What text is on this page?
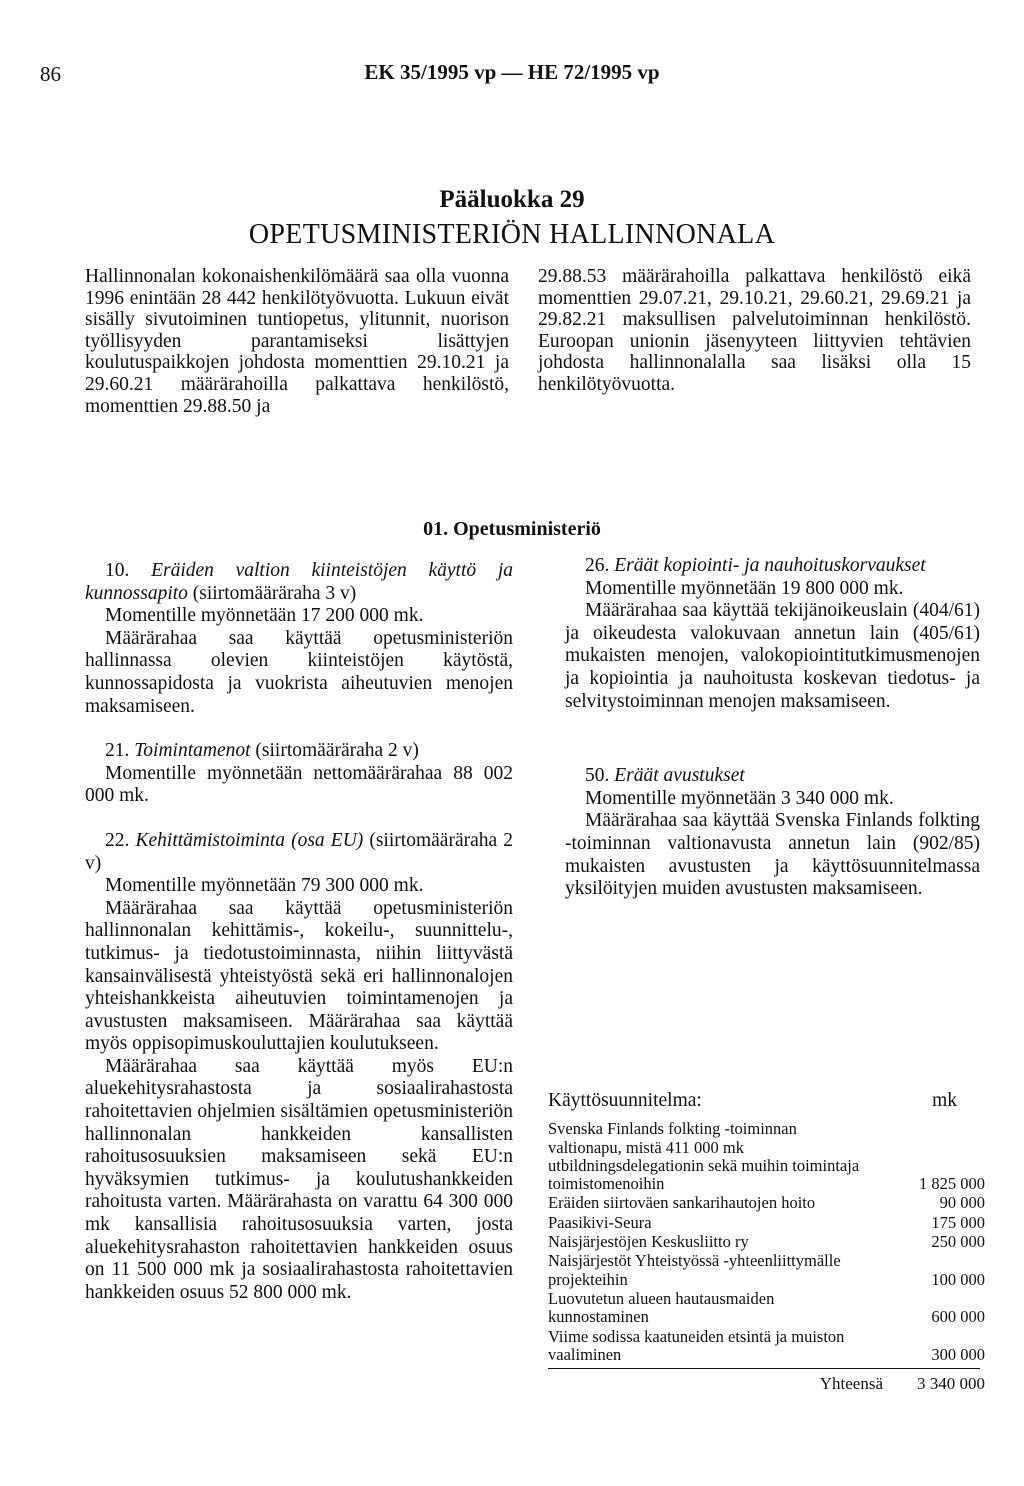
86	EK 35/1995 vp — HE 72/1995 vp
Pääluokka 29
OPETUSMINISTERIÖN HALLINNONALA

Hallinnonalan kokonaishenkilömäärä saa olla vuonna 1996 enintään 28 442 henkilötyövuotta. Lukuun eivät sisälly sivutoiminen tuntiopetus, ylitunnit, nuorison työllisyyden parantamiseksi lisättyjen koulutuspaikkojen johdosta momenttien 29.10.21 ja 29.60.21 määrärahoilla palkattava henkilöstö, momenttien 29.88.50 ja

29.88.53 määrärahoilla palkattava henkilöstö eikä momenttien 29.07.21, 29.10.21, 29.60.21, 29.69.21 ja 29.82.21 maksullisen palvelutoiminnan henkilöstö. Euroopan unionin jäsenyyteen liittyvien tehtävien johdosta hallinnonalalla saa lisäksi olla 15 henkilötyövuotta.

01. Opetusministeriö

10. Eräiden valtion kiinteistöjen käyttö ja kunnossapito (siirtomääräraha 3 v)

Momentille myönnetään 17 200 000 mk.

Määrärahaa saa käyttää opetusministeriön hallinnassa olevien kiinteistöjen käytöstä, kunnossapidosta ja vuokrista aiheutuvien menojen maksamiseen.

21. Toimintamenot (siirtomääräraha 2 v)

Momentille myönnetään nettomäärärahaa 88 002 000 mk.

22. Kehittämistoiminta (osa EU) (siirtomääräraha 2 v)

Momentille myönnetään 79 300 000 mk.

Määrärahaa saa käyttää opetusministeriön hallinnonalan kehittämis-, kokeilu-, suunnittelu-, tutkimus- ja tiedotustoiminnasta, niihin liittyvästä kansainvälisestä yhteistyöstä sekä eri hallinnonalojen yhteishankkeista aiheutuvien toimintamenojen ja avustusten maksamiseen. Määrärahaa saa käyttää myös oppisopimuskouluttajien koulutukseen.

Määrärahaa saa käyttää myös EU:n aluekehitysrahastosta ja sosiaalirahastosta rahoitettavien ohjelmien sisältämien opetusministeriön hallinnonalan hankkeiden kansallisten rahoitusosuuksien maksamiseen sekä EU:n hyväksymien tutkimus- ja koulutushankkeiden rahoitusta varten. Määrärahasta on varattu 64 300 000 mk kansallisia rahoitusosuuksia varten, josta aluekehitysrahaston rahoitettavien hankkeiden osuus on 11 500 000 mk ja sosiaalirahastosta rahoitettavien hankkeiden osuus 52 800 000 mk.

26. Eräät kopiointi- ja nauhoituskorvaukset

Momentille myönnetään 19 800 000 mk.

Määrärahaa saa käyttää tekijänoikeuslain (404/61) ja oikeudesta valokuvaan annetun lain (405/61) mukaisten menojen, valokopiointitutkimusmenojen ja kopiointia ja nauhoitusta koskevan tiedotus- ja selvitystoiminnan menojen maksamiseen.

50. Eräät avustukset

Momentille myönnetään 3 340 000 mk.

Määrärahaa saa käyttää Svenska Finlands folkting -toiminnan valtionavusta annetun lain (902/85) mukaisten avustusten ja käyttösuunnitelmassa yksilöityjen muiden avustusten maksamiseen.

Käyttösuunnitelma:	mk
Svenska Finlands folkting -toiminnan valtionapu, mistä 411 000 mk utbildningsdelegationin sekä muihin toimintaja toimistomenoihin	1 825 000
Eräiden siirtoväen sankarihautojen hoito	90 000
Paasikivi-Seura	175 000
Naisjärjestöjen Keskusliitto ry	250 000
Naisjärjestöt Yhteistyössä -yhteenliittymälle projekteihin	100 000
Luovutetun alueen hautausmaiden kunnostaminen	600 000
Viime sodissa kaatuneiden etsintä ja muiston vaaliminen	300 000
Yhteensä 3 340 000
